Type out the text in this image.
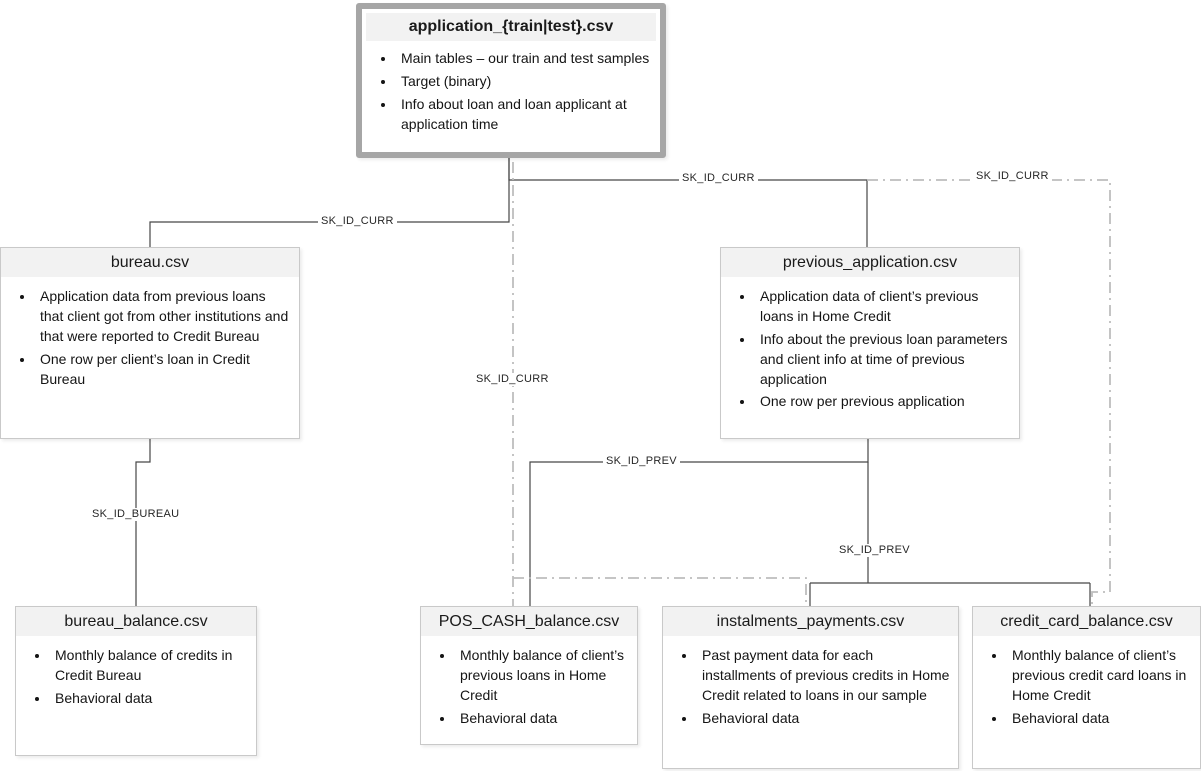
application_{train|test}.csv
• Main tables – our train and test samples
• Target (binary)
• Info about loan and loan applicant at application time
bureau.csv
• Application data from previous loans that client got from other institutions and that were reported to Credit Bureau
• One row per client’s loan in Credit Bureau
previous_application.csv
• Application data of client’s previous loans in Home Credit
• Info about the previous loan parameters and client info at time of previous application
• One row per previous application
bureau_balance.csv
• Monthly balance of credits in Credit Bureau
• Behavioral data
POS_CASH_balance.csv
• Monthly balance of client’s previous loans in Home Credit
• Behavioral data
instalments_payments.csv
• Past payment data for each installments of previous credits in Home Credit related to loans in our sample
• Behavioral data
credit_card_balance.csv
• Monthly balance of client’s previous credit card loans in Home Credit
• Behavioral data
SK_ID_CURR
SK_ID_CURR	SK_ID_CURR
SK_ID_CURR
SK_ID_BUREAU
SK_ID_PREV
SK_ID_PREV
